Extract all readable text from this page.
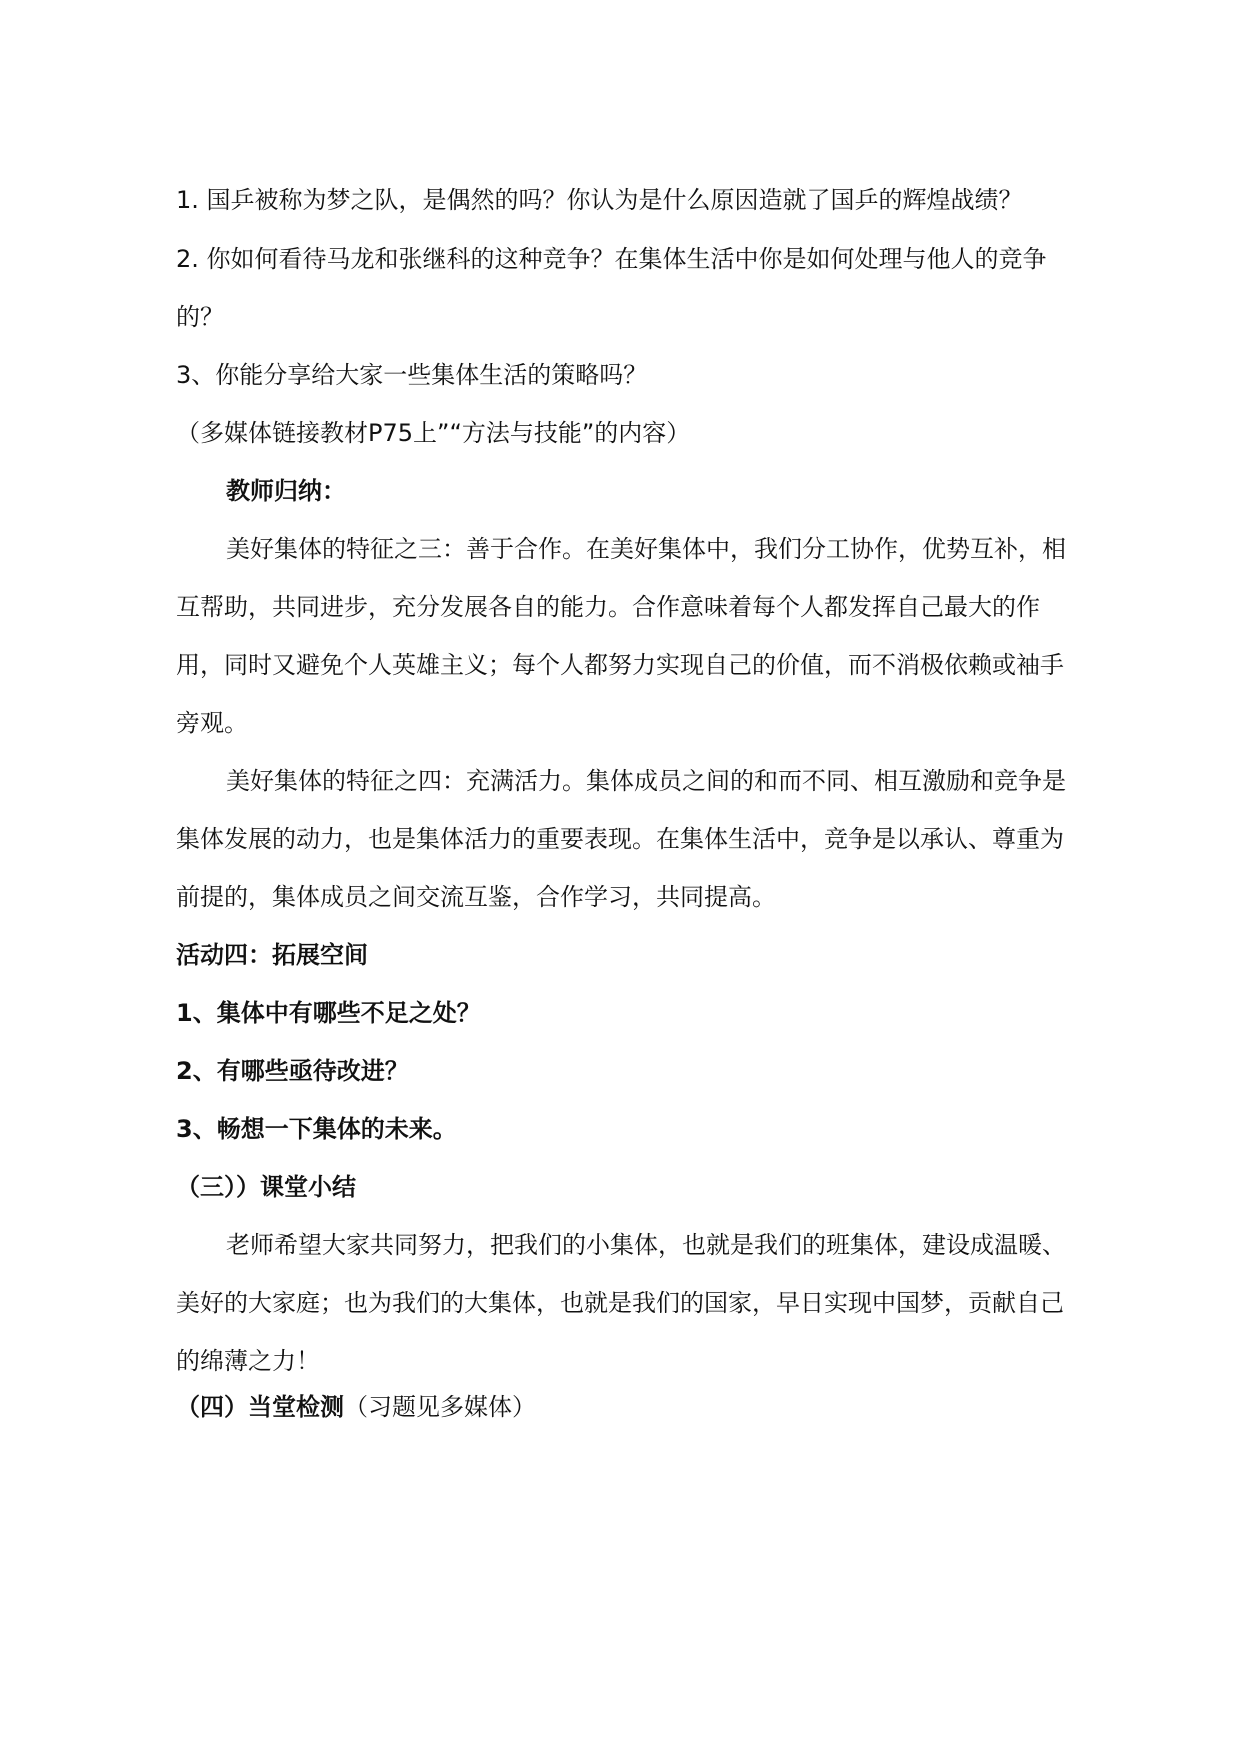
1. 国乒被称为梦之队，是偶然的吗？你认为是什么原因造就了国乒的辉煌战绩？
2. 你如何看待马龙和张继科的这种竞争？在集体生活中你是如何处理与他人的竞争
的？
3、你能分享给大家一些集体生活的策略吗？
（多媒体链接教材P75上”“方法与技能”的内容）
教师归纳：
美好集体的特征之三：善于合作。在美好集体中，我们分工协作，优势互补，相
互帮助，共同进步，充分发展各自的能力。合作意味着每个人都发挥自己最大的作
用，同时又避免个人英雄主义；每个人都努力实现自己的价值，而不消极依赖或袖手
旁观。
美好集体的特征之四：充满活力。集体成员之间的和而不同、相互激励和竞争是
集体发展的动力，也是集体活力的重要表现。在集体生活中，竞争是以承认、尊重为
前提的，集体成员之间交流互鉴，合作学习，共同提高。
活动四：拓展空间
1、集体中有哪些不足之处？
2、有哪些亟待改进？
3、畅想一下集体的未来。
（三））课堂小结
老师希望大家共同努力，把我们的小集体，也就是我们的班集体，建设成温暖、
美好的大家庭；也为我们的大集体，也就是我们的国家，早日实现中国梦，贡献自己
的绵薄之力！
（四）当堂检测（习题见多媒体）
